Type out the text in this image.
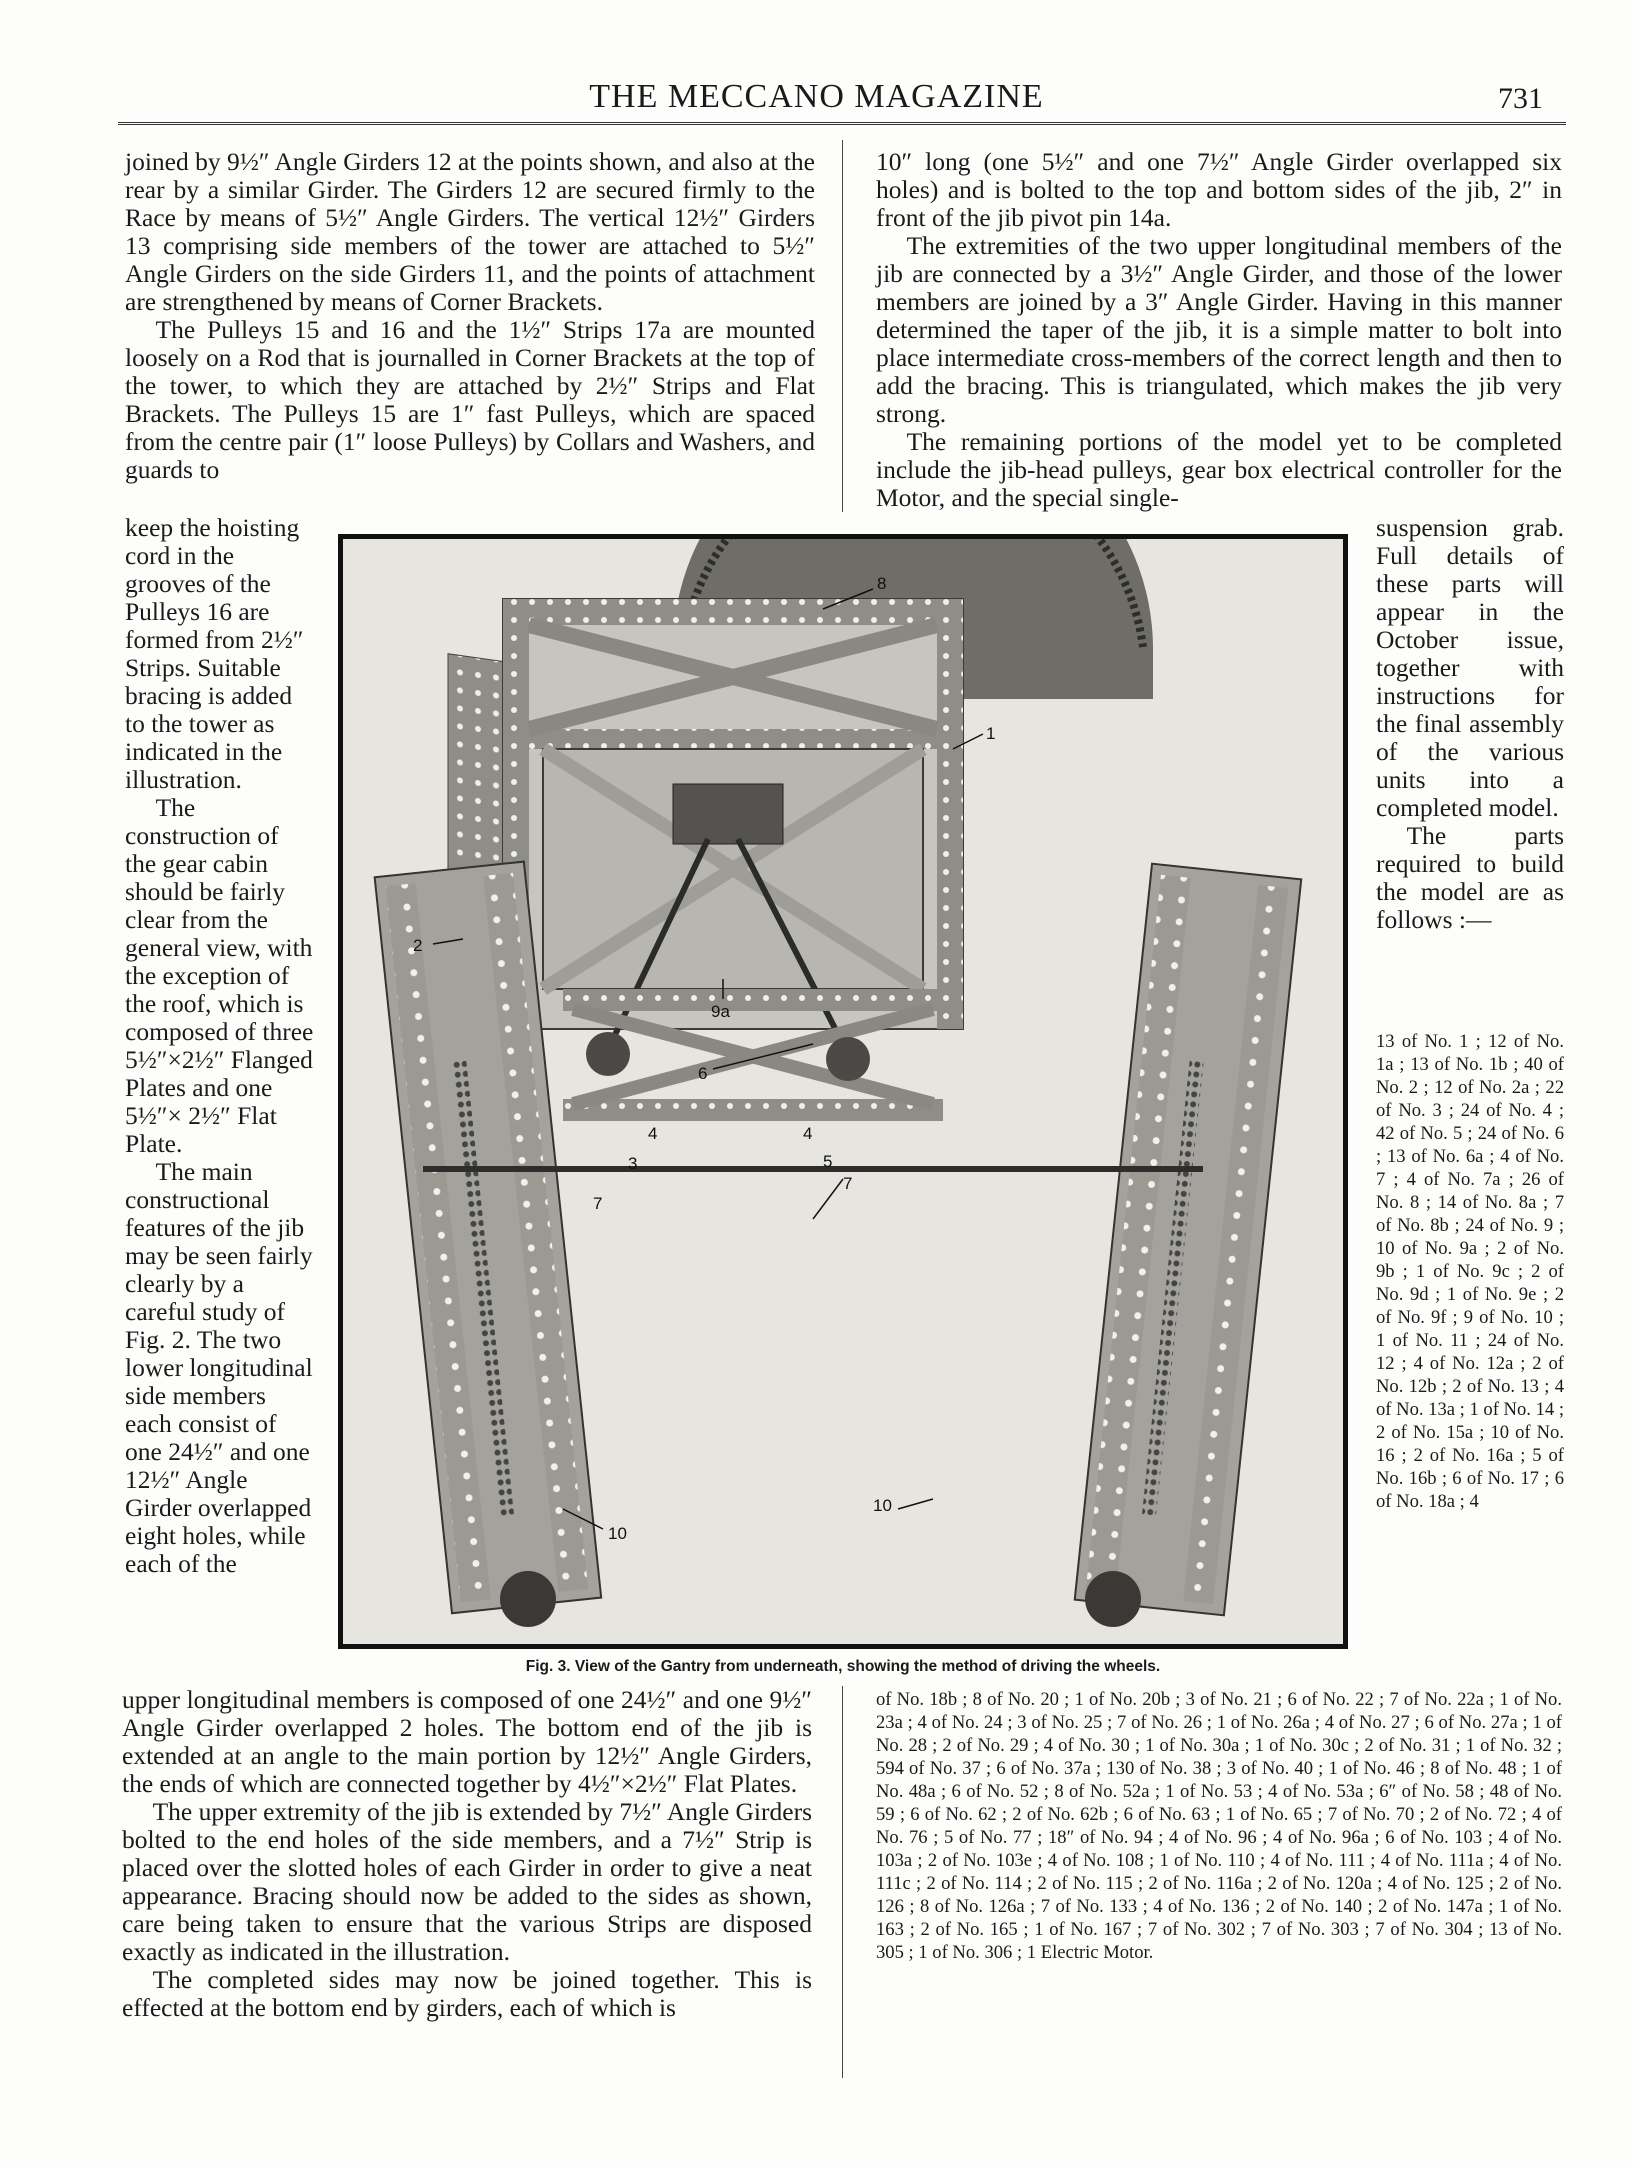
THE MECCANO MAGAZINE	731

joined by 9½″ Angle Girders 12 at the points shown, and also at the rear by a similar Girder. The Girders 12 are secured firmly to the Race by means of 5½″ Angle Girders. The vertical 12½″ Girders 13 comprising side members of the tower are attached to 5½″ Angle Girders on the side Girders 11, and the points of attachment are strengthened by means of Corner Brackets.

The Pulleys 15 and 16 and the 1½″ Strips 17a are mounted loosely on a Rod that is journalled in Corner Brackets at the top of the tower, to which they are attached by 2½″ Strips and Flat Brackets. The Pulleys 15 are 1″ fast Pulleys, which are spaced from the centre pair (1″ loose Pulleys) by Collars and Washers, and guards to

keep the hoisting cord in the grooves of the Pulleys 16 are formed from 2½″ Strips. Suitable bracing is added to the tower as indicated in the illustration.

The construction of the gear cabin should be fairly clear from the general view, with the exception of the roof, which is composed of three 5½″×2½″ Flanged Plates and one 5½″× 2½″ Flat Plate.

The main constructional features of the jib may be seen fairly clearly by a careful study of Fig. 2. The two lower longitudinal side members each consist of one 24½″ and one 12½″ Angle Girder overlapped eight holes, while each of the

upper longitudinal members is composed of one 24½″ and one 9½″ Angle Girder overlapped 2 holes. The bottom end of the jib is extended at an angle to the main portion by 12½″ Angle Girders, the ends of which are connected together by 4½″×2½″ Flat Plates.

The upper extremity of the jib is extended by 7½″ Angle Girders bolted to the end holes of the side members, and a 7½″ Strip is placed over the slotted holes of each Girder in order to give a neat appearance. Bracing should now be added to the sides as shown, care being taken to ensure that the various Strips are disposed exactly as indicated in the illustration.

The completed sides may now be joined together. This is effected at the bottom end by girders, each of which is

10″ long (one 5½″ and one 7½″ Angle Girder overlapped six holes) and is bolted to the top and bottom sides of the jib, 2″ in front of the jib pivot pin 14a.

The extremities of the two upper longitudinal members of the jib are connected by a 3½″ Angle Girder, and those of the lower members are joined by a 3″ Angle Girder. Having in this manner determined the taper of the jib, it is a simple matter to bolt into place intermediate cross-members of the correct length and then to add the bracing. This is triangulated, which makes the jib very strong.

The remaining portions of the model yet to be completed include the jib-head pulleys, gear box electrical controller for the Motor, and the special single-

suspension grab. Full details of these parts will appear in the October issue, together with instructions for the final assembly of the various units into a completed model.

The parts required to build the model are as follows :—

13 of No. 1 ; 12 of No. 1a ; 13 of No. 1b ; 40 of No. 2 ; 12 of No. 2a ; 22 of No. 3 ; 24 of No. 4 ; 42 of No. 5 ; 24 of No. 6 ; 13 of No. 6a ; 4 of No. 7 ; 4 of No. 7a ; 26 of No. 8 ; 14 of No. 8a ; 7 of No. 8b ; 24 of No. 9 ; 10 of No. 9a ; 2 of No. 9b ; 1 of No. 9c ; 2 of No. 9d ; 1 of No. 9e ; 2 of No. 9f ; 9 of No. 10 ; 1 of No. 11 ; 24 of No. 12 ; 4 of No. 12a ; 2 of No. 12b ; 2 of No. 13 ; 4 of No. 13a ; 1 of No. 14 ; 2 of No. 15a ; 10 of No. 16 ; 2 of No. 16a ; 5 of No. 16b ; 6 of No. 17 ; 6 of No. 18a ; 4
of No. 18b ; 8 of No. 20 ; 1 of No. 20b ; 3 of No. 21 ; 6 of No. 22 ; 7 of No. 22a ; 1 of No. 23a ; 4 of No. 24 ; 3 of No. 25 ; 7 of No. 26 ; 1 of No. 26a ; 4 of No. 27 ; 6 of No. 27a ; 1 of No. 28 ; 2 of No. 29 ; 4 of No. 30 ; 1 of No. 30a ; 1 of No. 30c ; 2 of No. 31 ; 1 of No. 32 ; 594 of No. 37 ; 6 of No. 37a ; 130 of No. 38 ; 3 of No. 40 ; 1 of No. 46 ; 8 of No. 48 ; 1 of No. 48a ; 6 of No. 52 ; 8 of No. 52a ; 1 of No. 53 ; 4 of No. 53a ; 6″ of No. 58 ; 48 of No. 59 ; 6 of No. 62 ; 2 of No. 62b ; 6 of No. 63 ; 1 of No. 65 ; 7 of No. 70 ; 2 of No. 72 ; 4 of No. 76 ; 5 of No. 77 ; 18″ of No. 94 ; 4 of No. 96 ; 4 of No. 96a ; 6 of No. 103 ; 4 of No. 103a ; 2 of No. 103e ; 4 of No. 108 ; 1 of No. 110 ; 4 of No. 111 ; 4 of No. 111a ; 4 of No. 111c ; 2 of No. 114 ; 2 of No. 115 ; 2 of No. 116a ; 2 of No. 120a ; 4 of No. 125 ; 2 of No. 126 ; 8 of No. 126a ; 7 of No. 133 ; 4 of No. 136 ; 2 of No. 140 ; 2 of No. 147a ; 1 of No. 163 ; 2 of No. 165 ; 1 of No. 167 ; 7 of No. 302 ; 7 of No. 303 ; 7 of No. 304 ; 13 of No. 305 ; 1 of No. 306 ; 1 Electric Motor.
8
1
2
9a
6
4
3
7
4
5
7
10
10
Fig. 3. View of the Gantry from underneath, showing the method of driving the wheels.
